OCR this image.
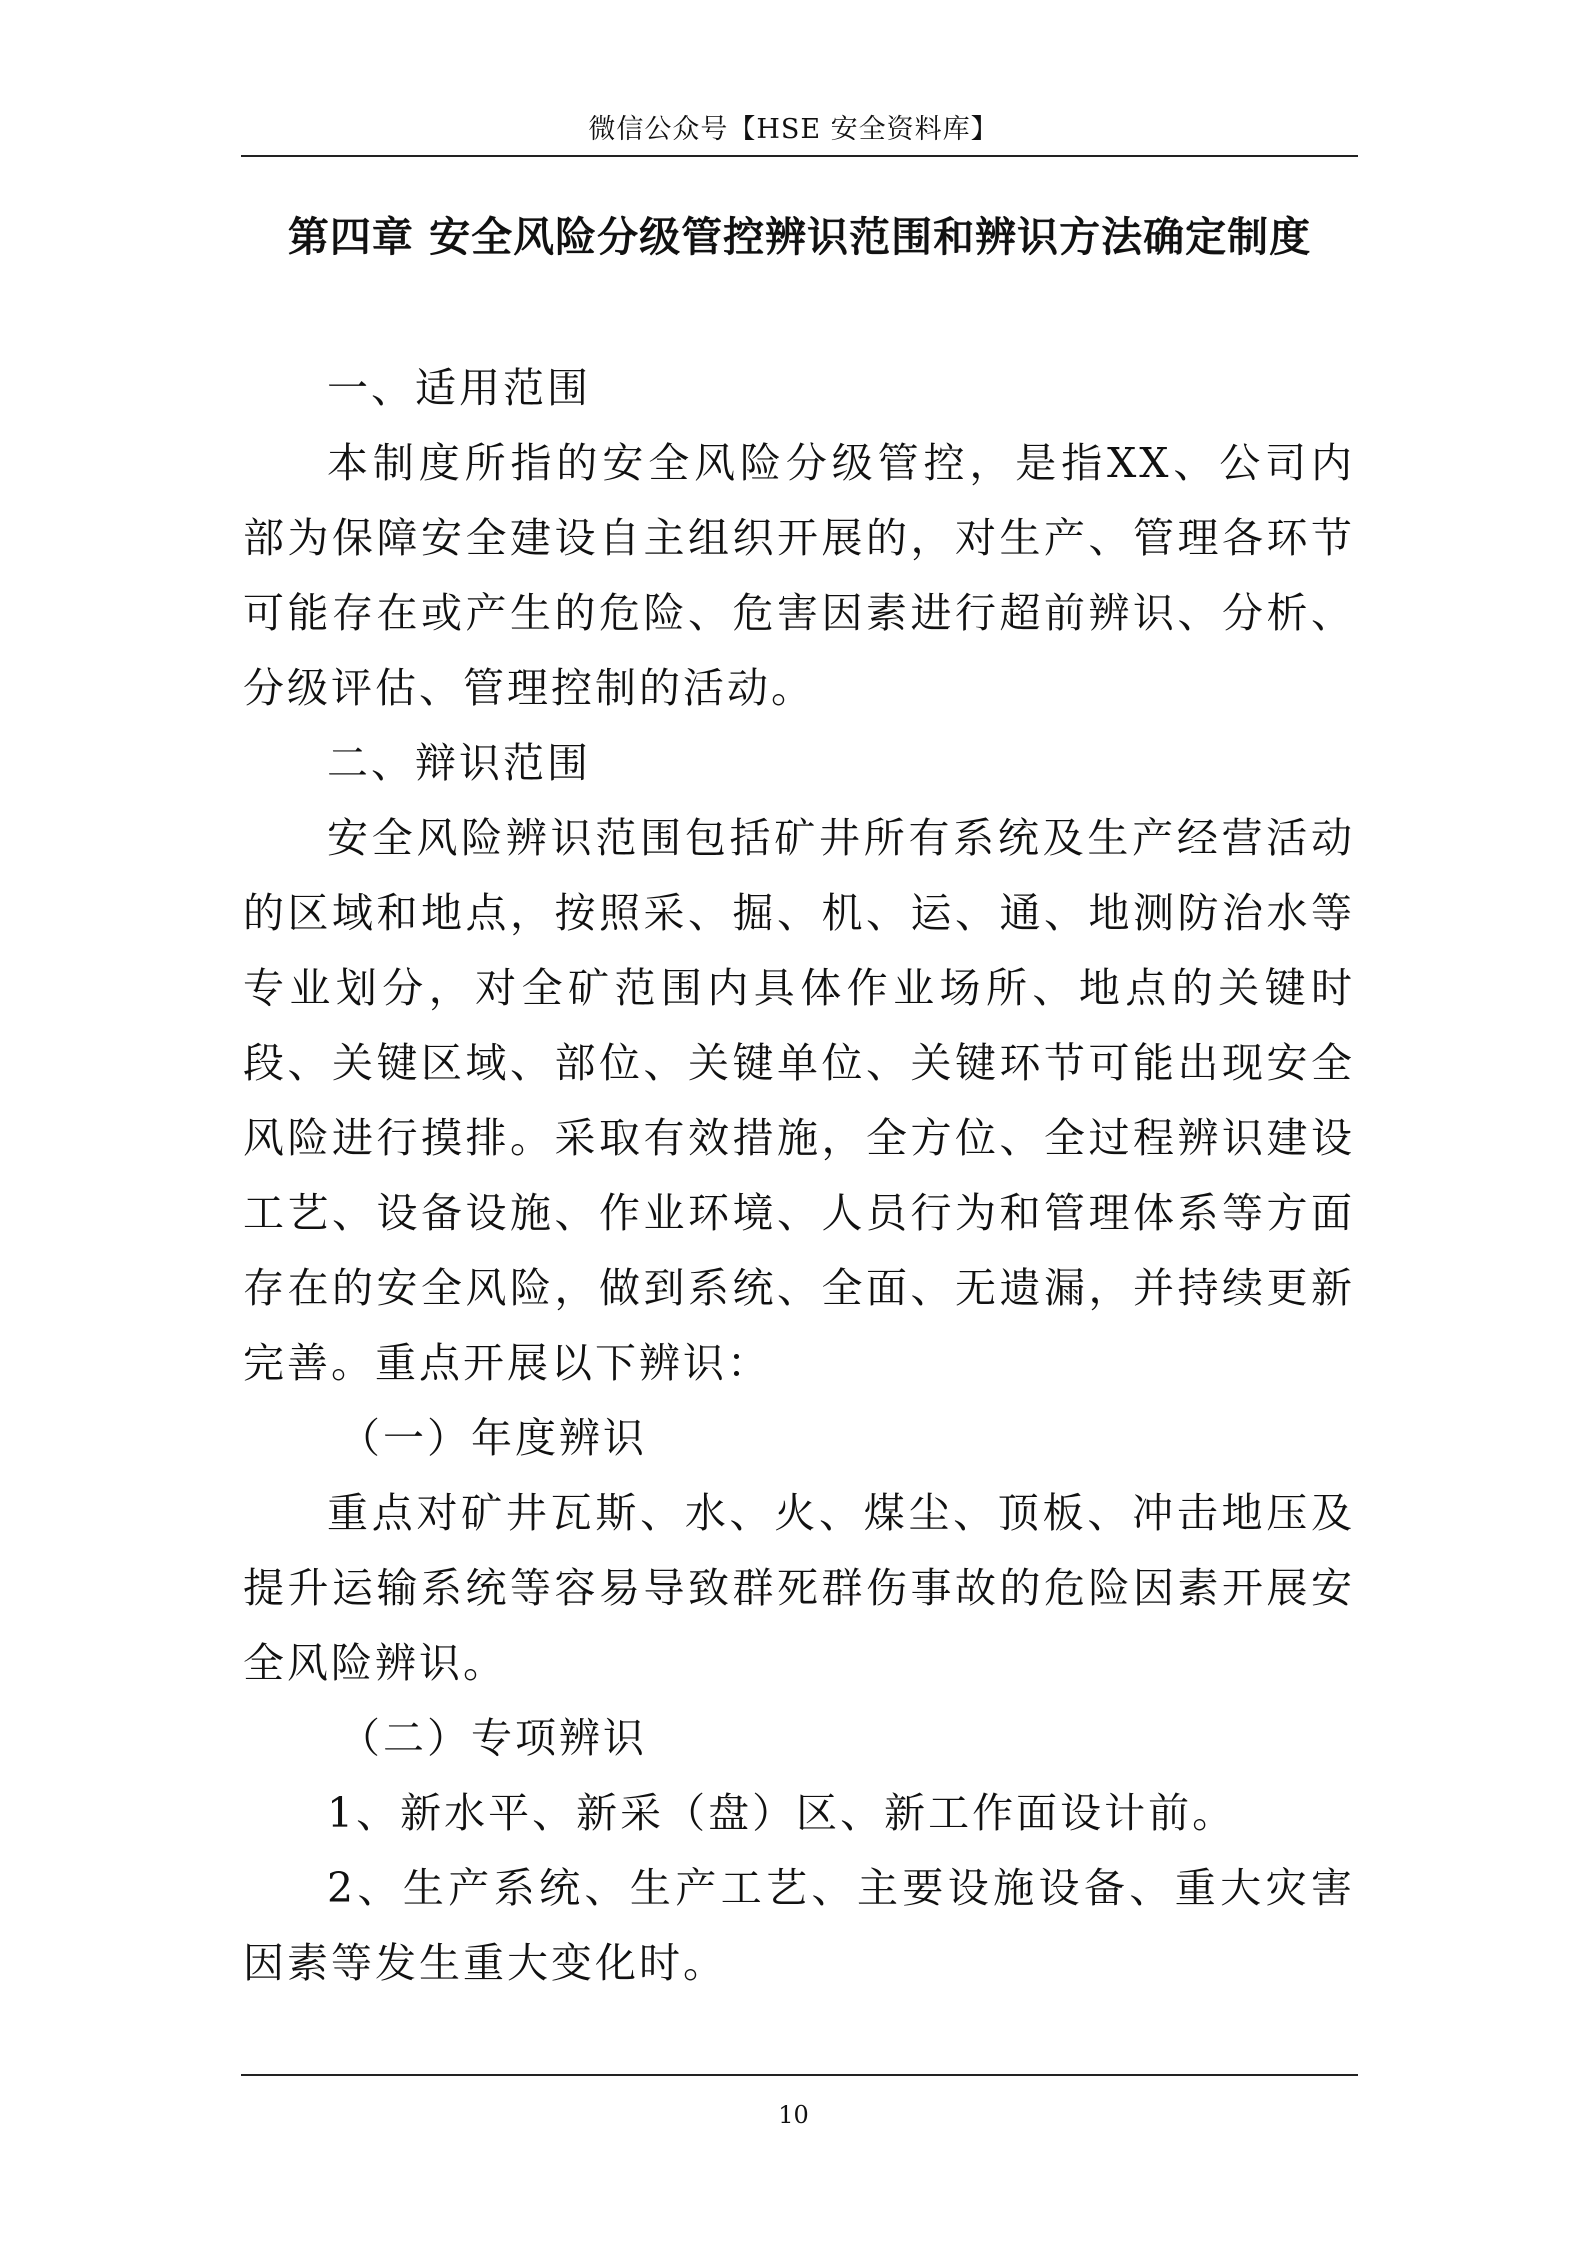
微信公众号【HSE 安全资料库】
第四章 安全风险分级管控辨识范围和辨识方法确定制度

一、适用范围

本制度所指的安全风险分级管控，是指XX、公司内部为保障安全建设自主组织开展的，对生产、管理各环节可能存在或产生的危险、危害因素进行超前辨识、分析、分级评估、管理控制的活动。

二、辩识范围

安全风险辨识范围包括矿井所有系统及生产经营活动的区域和地点，按照采、掘、机、运、通、地测防治水等专业划分，对全矿范围内具体作业场所、地点的关键时段、关键区域、部位、关键单位、关键环节可能出现安全风险进行摸排。采取有效措施，全方位、全过程辨识建设工艺、设备设施、作业环境、人员行为和管理体系等方面存在的安全风险，做到系统、全面、无遗漏，并持续更新完善。重点开展以下辨识：

（一）年度辨识

重点对矿井瓦斯、水、火、煤尘、顶板、冲击地压及提升运输系统等容易导致群死群伤事故的危险因素开展安全风险辨识。

（二）专项辨识

1、新水平、新采（盘）区、新工作面设计前。

2、生产系统、生产工艺、主要设施设备、重大灾害因素等发生重大变化时。

10
